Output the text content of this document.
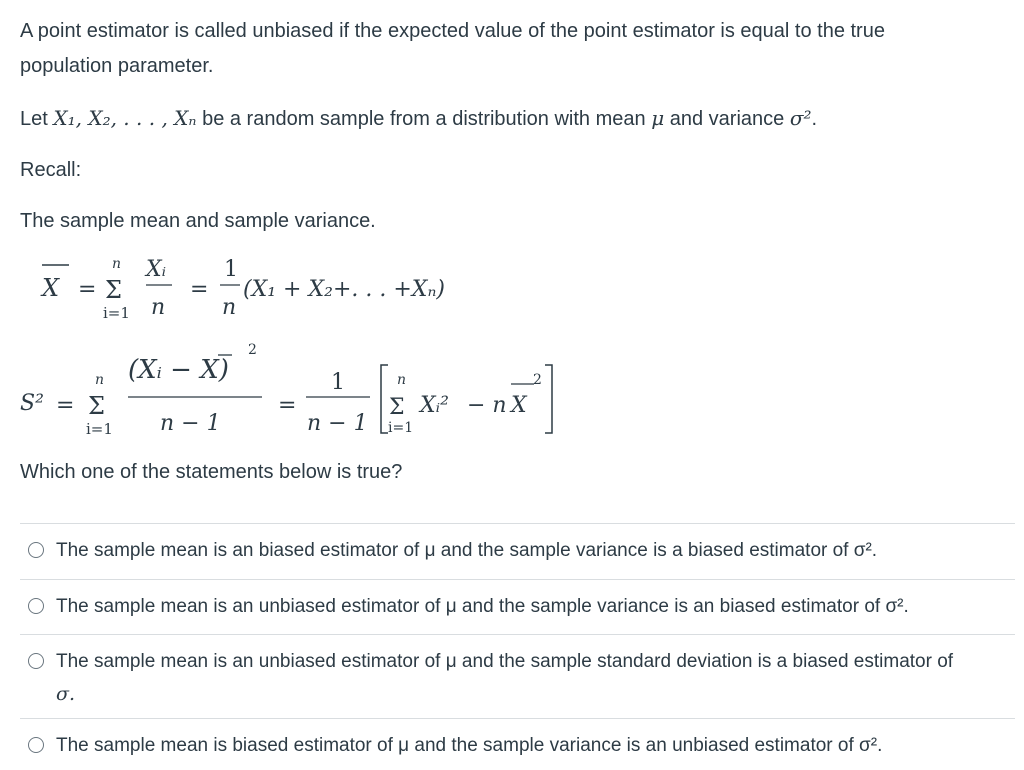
A point estimator is called unbiased if the expected value of the point estimator is equal to the true

population parameter.

Let X₁, X₂, . . . , Xₙ be a random sample from a distribution with mean μ and variance σ².

Recall:

The sample mean and sample variance.

X =
n
Σ
i=1
Xᵢ
n
=
1
n
(X₁ + X₂+. . . +Xₙ)
S² =
n
Σ
i=1
(Xᵢ − X)
2
n − 1
=
1
n − 1
n
Σ
i=1
Xᵢ² − n X
2

Which one of the statements below is true?

The sample mean is an biased estimator of μ and the sample variance is a biased estimator of σ².
The sample mean is an unbiased estimator of μ and the sample variance is an biased estimator of σ².
The sample mean is an unbiased estimator of μ and the sample standard deviation is a biased estimator of
σ.
The sample mean is biased estimator of μ and the sample variance is an unbiased estimator of σ².
